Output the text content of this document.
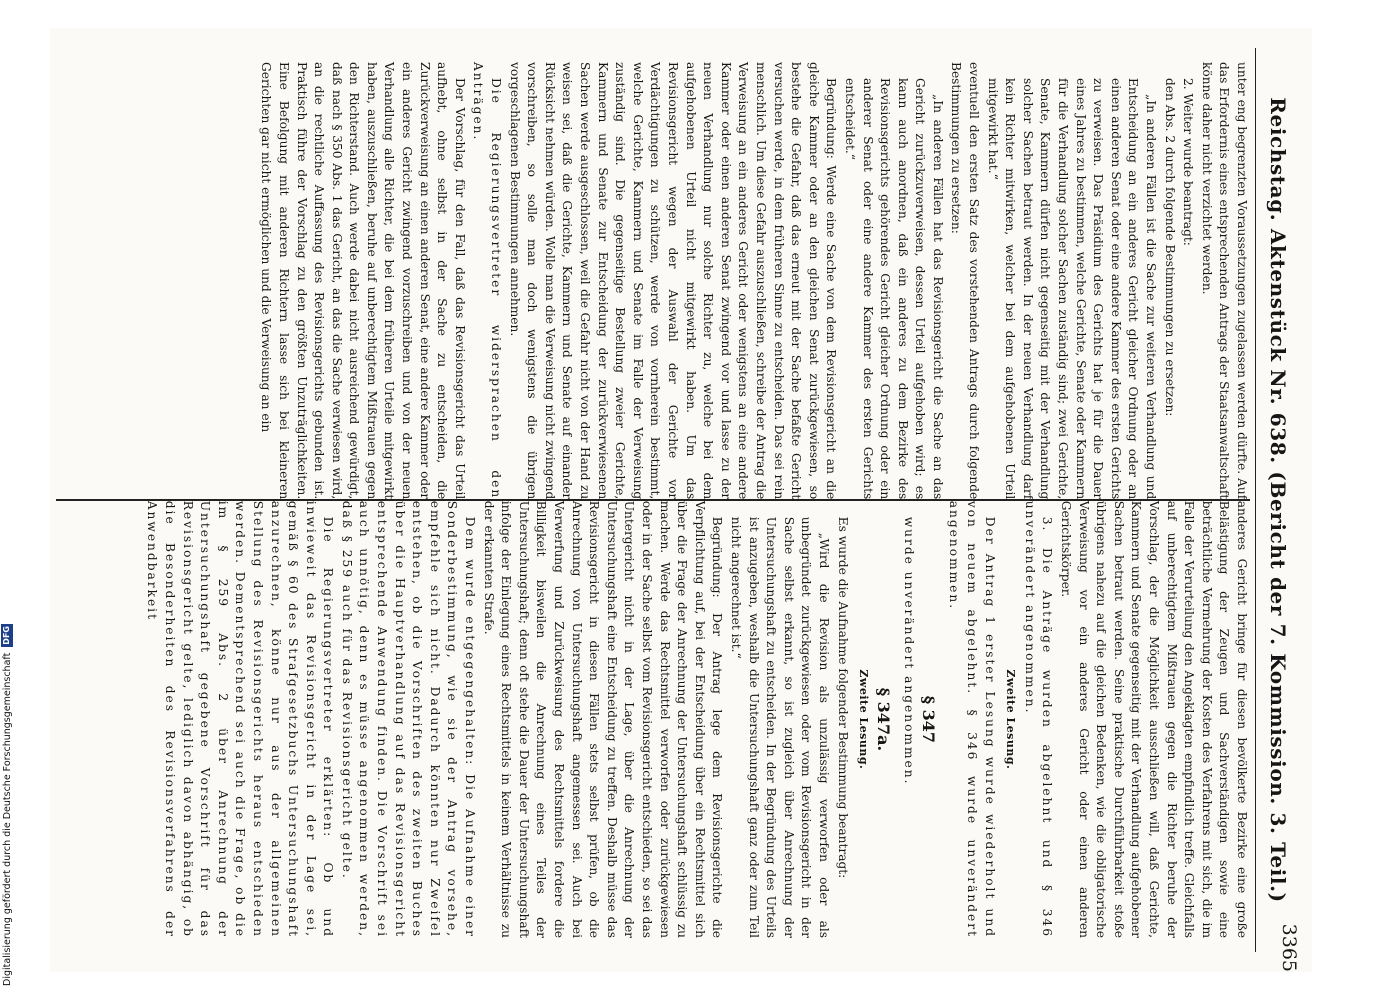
Reichstag. Aktenstück Nr. 638. (Bericht der 7. Kommission. 3. Teil.)

unter eng begrenzten Voraussetzungen zugelassen werden dürfte. Auf das Erfordernis eines entsprechenden Antrags der Staatsanwaltschaft könne daher nicht verzichtet werden.

2. Weiter wurde beantragt:

den Abs. 2 durch folgende Bestimmungen zu ersetzen:

„In anderen Fällen ist die Sache zur weiteren Verhandlung und Entscheidung an ein anderes Gericht gleicher Ordnung oder an einen anderen Senat oder eine andere Kammer des ersten Gerichts zu verweisen. Das Präsidium des Gerichts hat je für die Dauer eines Jahres zu bestimmen, welche Gerichte, Senate oder Kammern für die Verhandlung solcher Sachen zuständig sind; zwei Gerichte, Senate, Kammern dürfen nicht gegenseitig mit der Verhandlung solcher Sachen betraut werden. In der neuen Verhandlung darf kein Richter mitwirken, welcher bei dem aufgehobenen Urteil mitgewirkt hat.“

eventuell den ersten Satz des vorstehenden Antrags durch folgende Bestimmungen zu ersetzen:

„In anderen Fällen hat das Revisionsgericht die Sache an das Gericht zurückzuverweisen, dessen Urteil aufgehoben wird; es kann auch anordnen, daß ein anderes zu dem Bezirke des Revisionsgerichts gehörendes Gericht gleicher Ordnung oder ein anderer Senat oder eine andere Kammer des ersten Gerichts entscheidet.“

Begründung: Werde eine Sache von dem Revisionsgericht an die gleiche Kammer oder an den gleichen Senat zurückgewiesen, so bestehe die Gefahr, daß das erneut mit der Sache befaßte Gericht versuchen werde, in dem früheren Sinne zu entscheiden. Das sei rein menschlich. Um diese Gefahr auszuschließen, schreibe der Antrag die Verweisung an ein anderes Gericht oder wenigstens an eine andere Kammer oder einen anderen Senat zwingend vor und lasse zu der neuen Verhandlung nur solche Richter zu, welche bei dem aufgehobenen Urteil nicht mitgewirkt haben. Um das Revisionsgericht wegen der Auswahl der Gerichte vor Verdächtigungen zu schützen, werde von vornherein bestimmt, welche Gerichte, Kammern und Senate im Falle der Verweisung zuständig sind. Die gegenseitige Bestellung zweier Gerichte, Kammern und Senate zur Entscheidung der zurückverwiesenen Sachen werde ausgeschlossen, weil die Gefahr nicht von der Hand zu weisen sei, daß die Gerichte, Kammern und Senate auf einander Rücksicht nehmen würden. Wolle man die Verweisung nicht zwingend vorschreiben, so solle man doch wenigstens die übrigen vorgeschlagenen Bestimmungen annehmen.

Die Regierungsvertreter widersprachen den Anträgen.

Der Vorschlag, für den Fall, daß das Revisionsgericht das Urteil aufhebt, ohne selbst in der Sache zu entscheiden, die Zurückverweisung an einen anderen Senat, eine andere Kammer oder ein anderes Gericht zwingend vorzuschreiben und von der neuen Verhandlung alle Richter, die bei dem früheren Urteile mitgewirkt haben, auszuschließen, beruhe auf unberechtigtem Mißtrauen gegen den Richterstand. Auch werde dabei nicht ausreichend gewürdigt, daß nach § 350 Abs. 1 das Gericht, an das die Sache verwiesen wird, an die rechtliche Auffassung des Revisionsgerichts gebunden ist. Praktisch führe der Vorschlag zu den größten Unzuträglichkeiten. Eine Befolgung mit anderen Richtern lasse sich bei kleineren Gerichten gar nicht ermöglichen und die Verweisung an ein

anderes Gericht bringe für diesen bevölkerte Bezirke eine große Belästigung der Zeugen und Sachverständigen sowie eine beträchtliche Vermehrung der Kosten des Verfahrens mit sich, die im Falle der Verurteilung den Angeklagten empfindlich treffe. Gleichfalls auf unberechtigtem Mißtrauen gegen die Richter beruhe der Vorschlag, der die Möglichkeit ausschließen will, daß Gerichte, Kammern und Senate gegenseitig mit der Verhandlung aufgehobener Sachen betraut werden. Seine praktische Durchführbarkeit stoße übrigens nahezu auf die gleichen Bedenken, wie die obligatorische Verweisung vor ein anderes Gericht oder einen anderen Gerichtskörper.

3. Die Anträge wurden abgelehnt und § 346 unverändert angenommen.

Zweite Lesung.

Der Antrag 1 erster Lesung wurde wiederholt und von neuem abgelehnt. § 346 wurde unverändert angenommen.

§ 347

wurde unverändert angenommen.

§ 347a.
Zweite Lesung.

Es wurde die Aufnahme folgender Bestimmung beantragt:

„Wird die Revision als unzulässig verworfen oder als unbegründet zurückgewiesen oder vom Revisionsgericht in der Sache selbst erkannt, so ist zugleich über Anrechnung der Untersuchungshaft zu entscheiden. In der Begründung des Urteils ist anzugeben, weshalb die Untersuchungshaft ganz oder zum Teil nicht angerechnet ist.“

Begründung: Der Antrag lege dem Revisionsgerichte die Verpflichtung auf, bei der Entscheidung über ein Rechtsmittel sich über die Frage der Anrechnung der Untersuchungshaft schlüssig zu machen. Werde das Rechtsmittel verworfen oder zurückgewiesen oder in der Sache selbst vom Revisionsgericht entschieden, so sei das Untergericht nicht in der Lage, über die Anrechnung der Untersuchungshaft eine Entscheidung zu treffen. Deshalb müsse das Revisionsgericht in diesen Fällen stets selbst prüfen, ob die Anrechnung von Untersuchungshaft angemessen sei. Auch bei Verwerfung und Zurückweisung des Rechtsmittels fordere die Billigkeit bisweilen die Anrechnung eines Teiles der Untersuchungshaft; denn oft stehe die Dauer der Untersuchungshaft infolge der Einlegung eines Rechtsmittels in keinem Verhältnisse zu der erkannten Strafe.

Dem wurde entgegengehalten: Die Aufnahme einer Sonderbestimmung, wie sie der Antrag vorsehe, empfehle sich nicht. Dadurch könnten nur Zweifel entstehen, ob die Vorschriften des zweiten Buches über die Hauptverhandlung auf das Revisionsgericht entsprechende Anwendung finden. Die Vorschrift sei auch unnötig, denn es müsse angenommen werden, daß § 259 auch für das Revisionsgericht gelte.

Die Regierungsvertreter erklärten: Ob und inwieweit das Revisionsgericht in der Lage sei, gemäß § 60 des Strafgesetzbuchs Untersuchungshaft anzurechnen, könne nur aus der allgemeinen Stellung des Revisionsgerichts heraus entschieden werden. Dementsprechend sei auch die Frage, ob die im § 259 Abs. 2 über Anrechnung der Untersuchungshaft gegebene Vorschrift für das Revisionsgericht gelte, lediglich davon abhängig, ob die Besonderheiten des Revisionsverfahrens der Anwendbarkeit

3365
Digitalisierung gefördert durch die Deutsche Forschungsgemeinschaft
DFG
